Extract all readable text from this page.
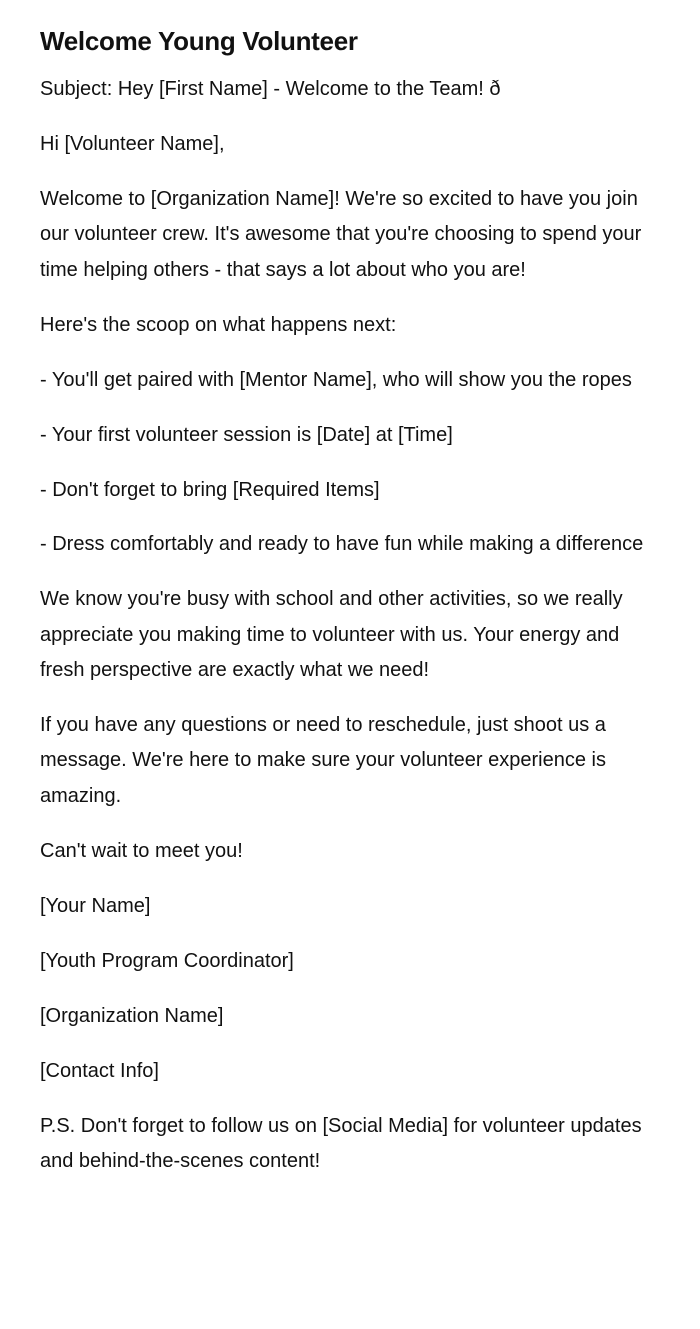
Welcome Young Volunteer

Subject: Hey [First Name] - Welcome to the Team! ð

Hi [Volunteer Name],

Welcome to [Organization Name]! We're so excited to have you join our volunteer crew. It's awesome that you're choosing to spend your time helping others - that says a lot about who you are!

Here's the scoop on what happens next:

- You'll get paired with [Mentor Name], who will show you the ropes

- Your first volunteer session is [Date] at [Time]

- Don't forget to bring [Required Items]

- Dress comfortably and ready to have fun while making a difference

We know you're busy with school and other activities, so we really appreciate you making time to volunteer with us. Your energy and fresh perspective are exactly what we need!

If you have any questions or need to reschedule, just shoot us a message. We're here to make sure your volunteer experience is amazing.

Can't wait to meet you!

[Your Name]

[Youth Program Coordinator]

[Organization Name]

[Contact Info]

P.S. Don't forget to follow us on [Social Media] for volunteer updates and behind-the-scenes content!
